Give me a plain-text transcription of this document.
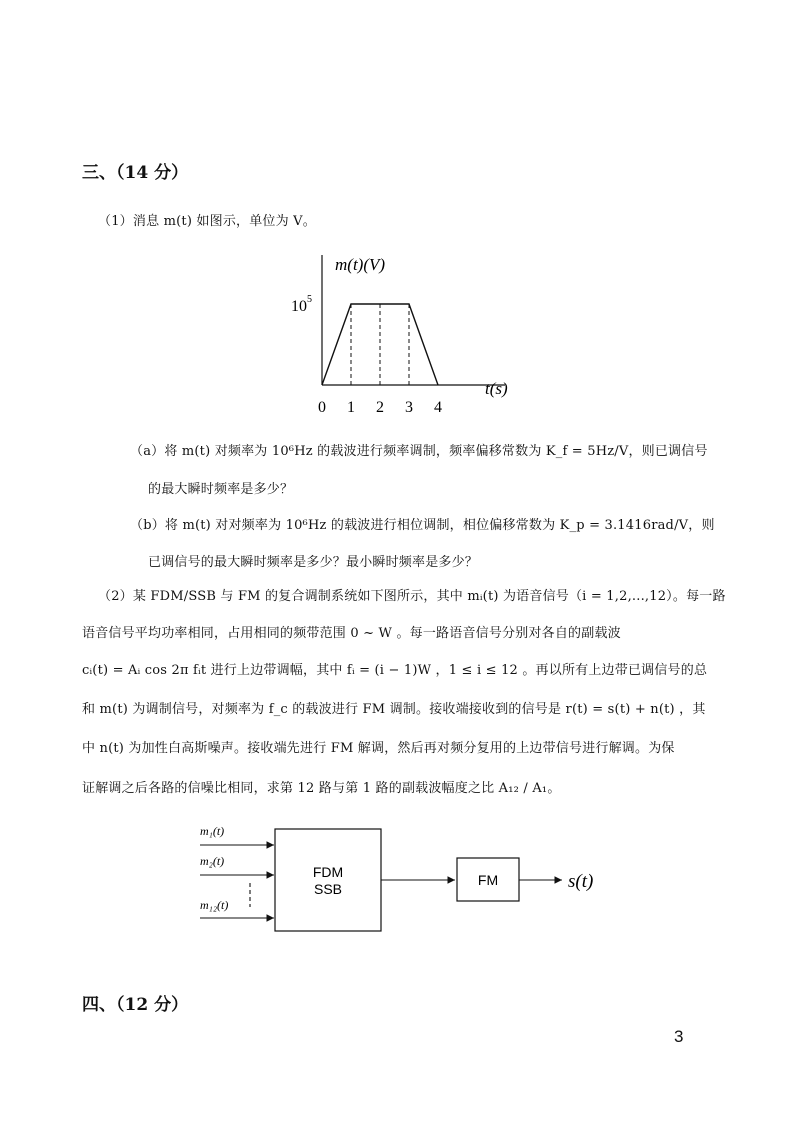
三、（14 分）
（1）消息 m(t) 如图示，单位为 V。
m(t)(V)
10 5
t(s)
0 1 2 3 4
（a）将 m(t) 对频率为 10⁶Hz 的载波进行频率调制，频率偏移常数为 K_f = 5Hz/V，则已调信号
的最大瞬时频率是多少？
（b）将 m(t) 对对频率为 10⁶Hz 的载波进行相位调制，相位偏移常数为 K_p = 3.1416rad/V，则
已调信号的最大瞬时频率是多少？最小瞬时频率是多少？
（2）某 FDM/SSB 与 FM 的复合调制系统如下图所示，其中 mᵢ(t) 为语音信号（i = 1,2,...,12）。每一路
语音信号平均功率相同，占用相同的频带范围 0 ~ W 。每一路语音信号分别对各自的副载波
cᵢ(t) = Aᵢ cos 2π fᵢt 进行上边带调幅，其中 fᵢ = (i − 1)W ，1 ≤ i ≤ 12 。再以所有上边带已调信号的总
和 m(t) 为调制信号，对频率为 f_c 的载波进行 FM 调制。接收端接收到的信号是 r(t) = s(t) + n(t) ，其
中 n(t) 为加性白高斯噪声。接收端先进行 FM 解调，然后再对频分复用的上边带信号进行解调。为保
证解调之后各路的信噪比相同，求第 12 路与第 1 路的副载波幅度之比 A₁₂ / A₁。
m₁(t)
m₂(t)
m₁₂(t)
FDM
SSB
FM	s(t)
四、（12 分）
3
